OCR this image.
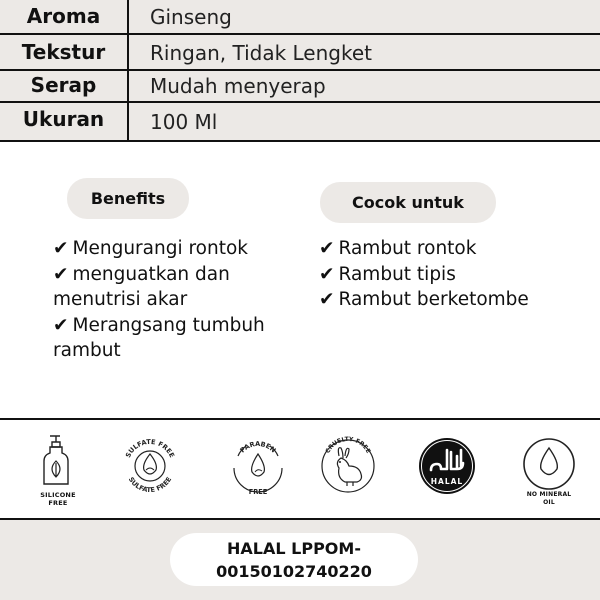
Aroma	Ginseng
Tekstur	Ringan, Tidak Lengket
Serap	Mudah menyerap
Ukuran	100 Ml
Benefits
✔ Mengurangi rontok
✔ menguatkan dan
menutrisi akar
✔ Merangsang tumbuh
rambut
Cocok untuk
✔ Rambut rontok
✔ Rambut tipis
✔ Rambut berketombe
SILICONE
FREE
SULFATE FREE
SULFATE FREE
PARABEN
FREE
CRUELTY FREE
HALAL
NO MINERAL
OIL
HALAL LPPOM-
00150102740220
